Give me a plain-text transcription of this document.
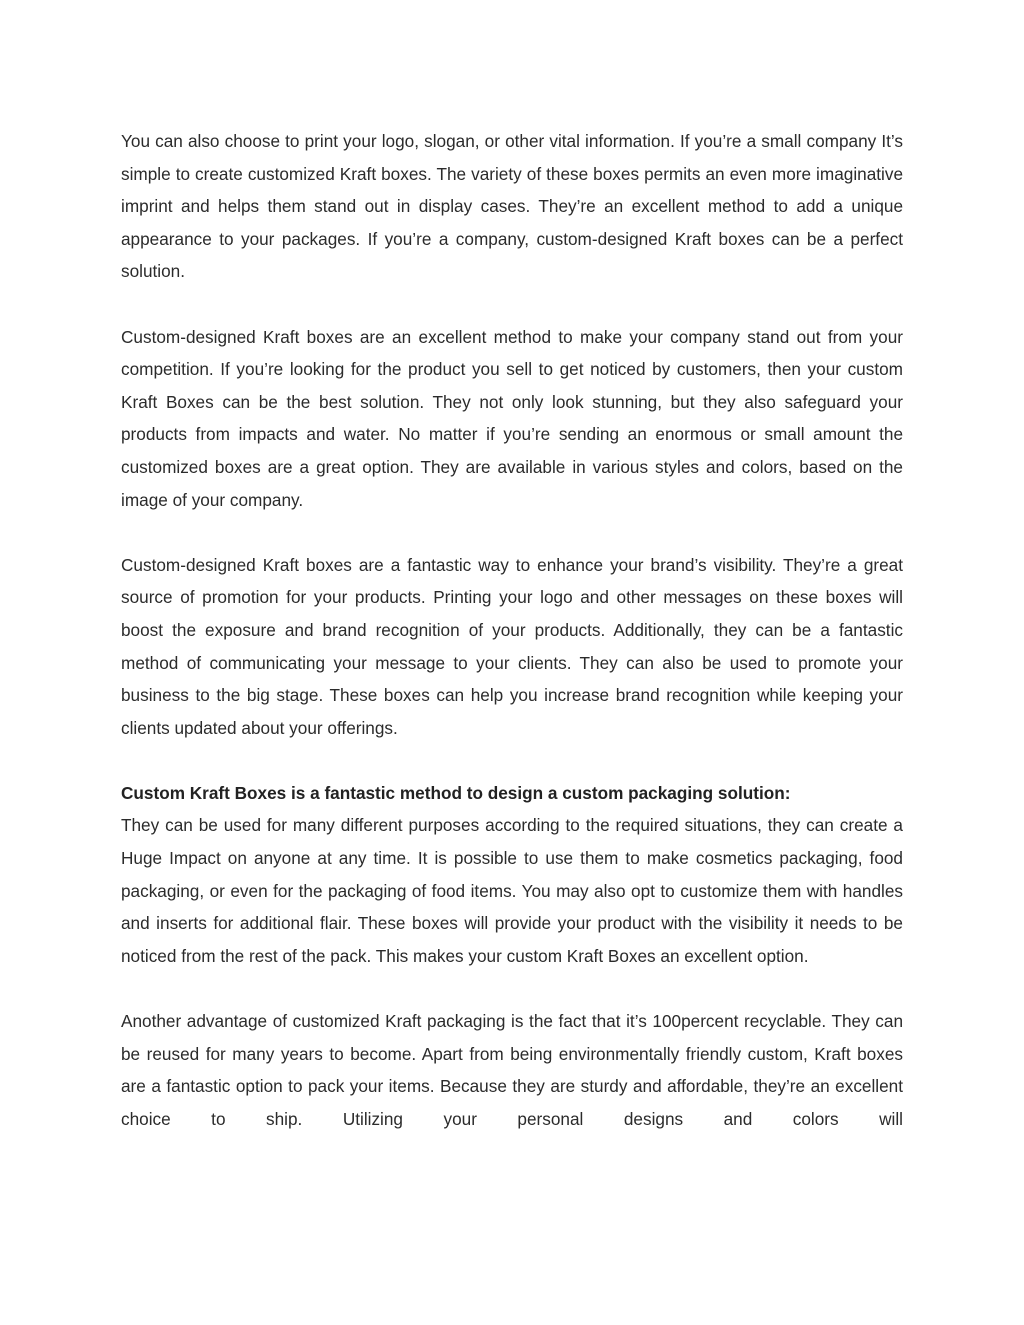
You can also choose to print your logo, slogan, or other vital information. If you’re a small company It’s simple to create customized Kraft boxes. The variety of these boxes permits an even more imaginative imprint and helps them stand out in display cases. They’re an excellent method to add a unique appearance to your packages. If you’re a company, custom-designed Kraft boxes can be a perfect solution.

Custom-designed Kraft boxes are an excellent method to make your company stand out from your competition. If you’re looking for the product you sell to get noticed by customers, then your custom Kraft Boxes can be the best solution. They not only look stunning, but they also safeguard your products from impacts and water. No matter if you’re sending an enormous or small amount the customized boxes are a great option. They are available in various styles and colors, based on the image of your company.

Custom-designed Kraft boxes are a fantastic way to enhance your brand’s visibility. They’re a great source of promotion for your products. Printing your logo and other messages on these boxes will boost the exposure and brand recognition of your products. Additionally, they can be a fantastic method of communicating your message to your clients. They can also be used to promote your business to the big stage. These boxes can help you increase brand recognition while keeping your clients updated about your offerings.

Custom Kraft Boxes is a fantastic method to design a custom packaging solution:

They can be used for many different purposes according to the required situations, they can create a Huge Impact on anyone at any time. It is possible to use them to make cosmetics packaging, food packaging, or even for the packaging of food items. You may also opt to customize them with handles and inserts for additional flair. These boxes will provide your product with the visibility it needs to be noticed from the rest of the pack. This makes your custom Kraft Boxes an excellent option.

Another advantage of customized Kraft packaging is the fact that it’s 100percent recyclable. They can be reused for many years to become. Apart from being environmentally friendly custom, Kraft boxes are a fantastic option to pack your items. Because they are sturdy and affordable, they’re an excellent choice to ship. Utilizing your personal designs and colors will
